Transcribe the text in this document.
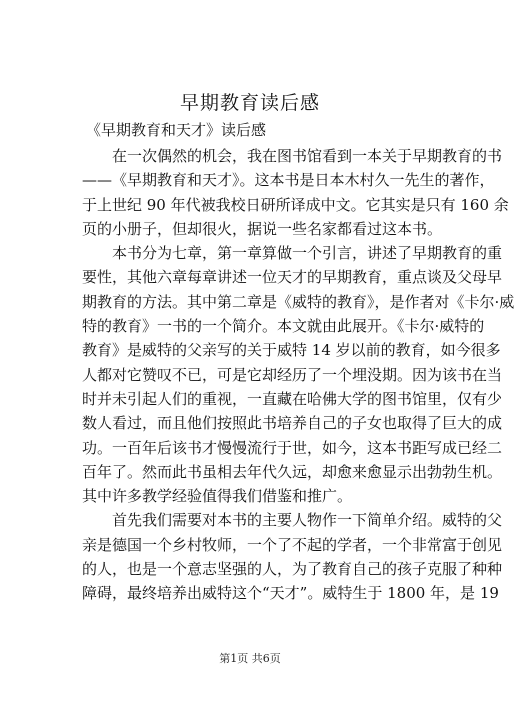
早期教育读后感
《早期教育和天才》读后感
在一次偶然的机会，我在图书馆看到一本关于早期教育的书
——《早期教育和天才》。这本书是日本木村久一先生的著作，
于上世纪 90 年代被我校日研所译成中文。它其实是只有 160 余
页的小册子，但却很火，据说一些名家都看过这本书。
本书分为七章，第一章算做一个引言，讲述了早期教育的重
要性，其他六章每章讲述一位天才的早期教育，重点谈及父母早
期教育的方法。其中第二章是《威特的教育》，是作者对《卡尔·威
特的教育》一书的一个简介。本文就由此展开。《卡尔·威特的
教育》是威特的父亲写的关于威特 14 岁以前的教育，如今很多
人都对它赞叹不已，可是它却经历了一个埋没期。因为该书在当
时并未引起人们的重视，一直藏在哈佛大学的图书馆里，仅有少
数人看过，而且他们按照此书培养自己的子女也取得了巨大的成
功。一百年后该书才慢慢流行于世，如今，这本书距写成已经二
百年了。然而此书虽相去年代久远，却愈来愈显示出勃勃生机。
其中许多教学经验值得我们借鉴和推广。
首先我们需要对本书的主要人物作一下简单介绍。威特的父
亲是德国一个乡村牧师，一个了不起的学者，一个非常富于创见
的人，也是一个意志坚强的人，为了教育自己的孩子克服了种种
障碍，最终培养出威特这个“天才”。威特生于 1800 年，是 19
第1页 共6页
